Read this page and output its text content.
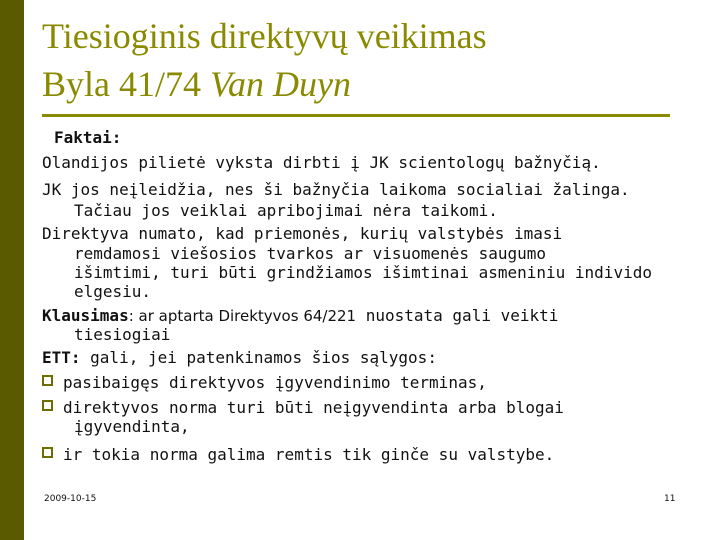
Tiesioginis direktyvų veikimas
Byla 41/74 Van Duyn
Faktai:
Olandijos pilietė vyksta dirbti į JK scientologų bažnyčią.
JK jos neįleidžia, nes ši bažnyčia laikoma socialiai žalinga.
Tačiau jos veiklai apribojimai nėra taikomi.
Direktyva numato, kad priemonės, kurių valstybės imasi
remdamosi viešosios tvarkos ar visuomenės saugumo
išimtimi, turi būti grindžiamos išimtinai asmeniniu individo
elgesiu.
Klausimas: ar aptarta Direktyvos 64/221 nuostata gali veikti
tiesiogiai
ETT: gali, jei patenkinamos šios sąlygos:
pasibaigęs direktyvos įgyvendinimo terminas,
direktyvos norma turi būti neįgyvendinta arba blogai
įgyvendinta,
ir tokia norma galima remtis tik ginče su valstybe.
2009-10-15	11
